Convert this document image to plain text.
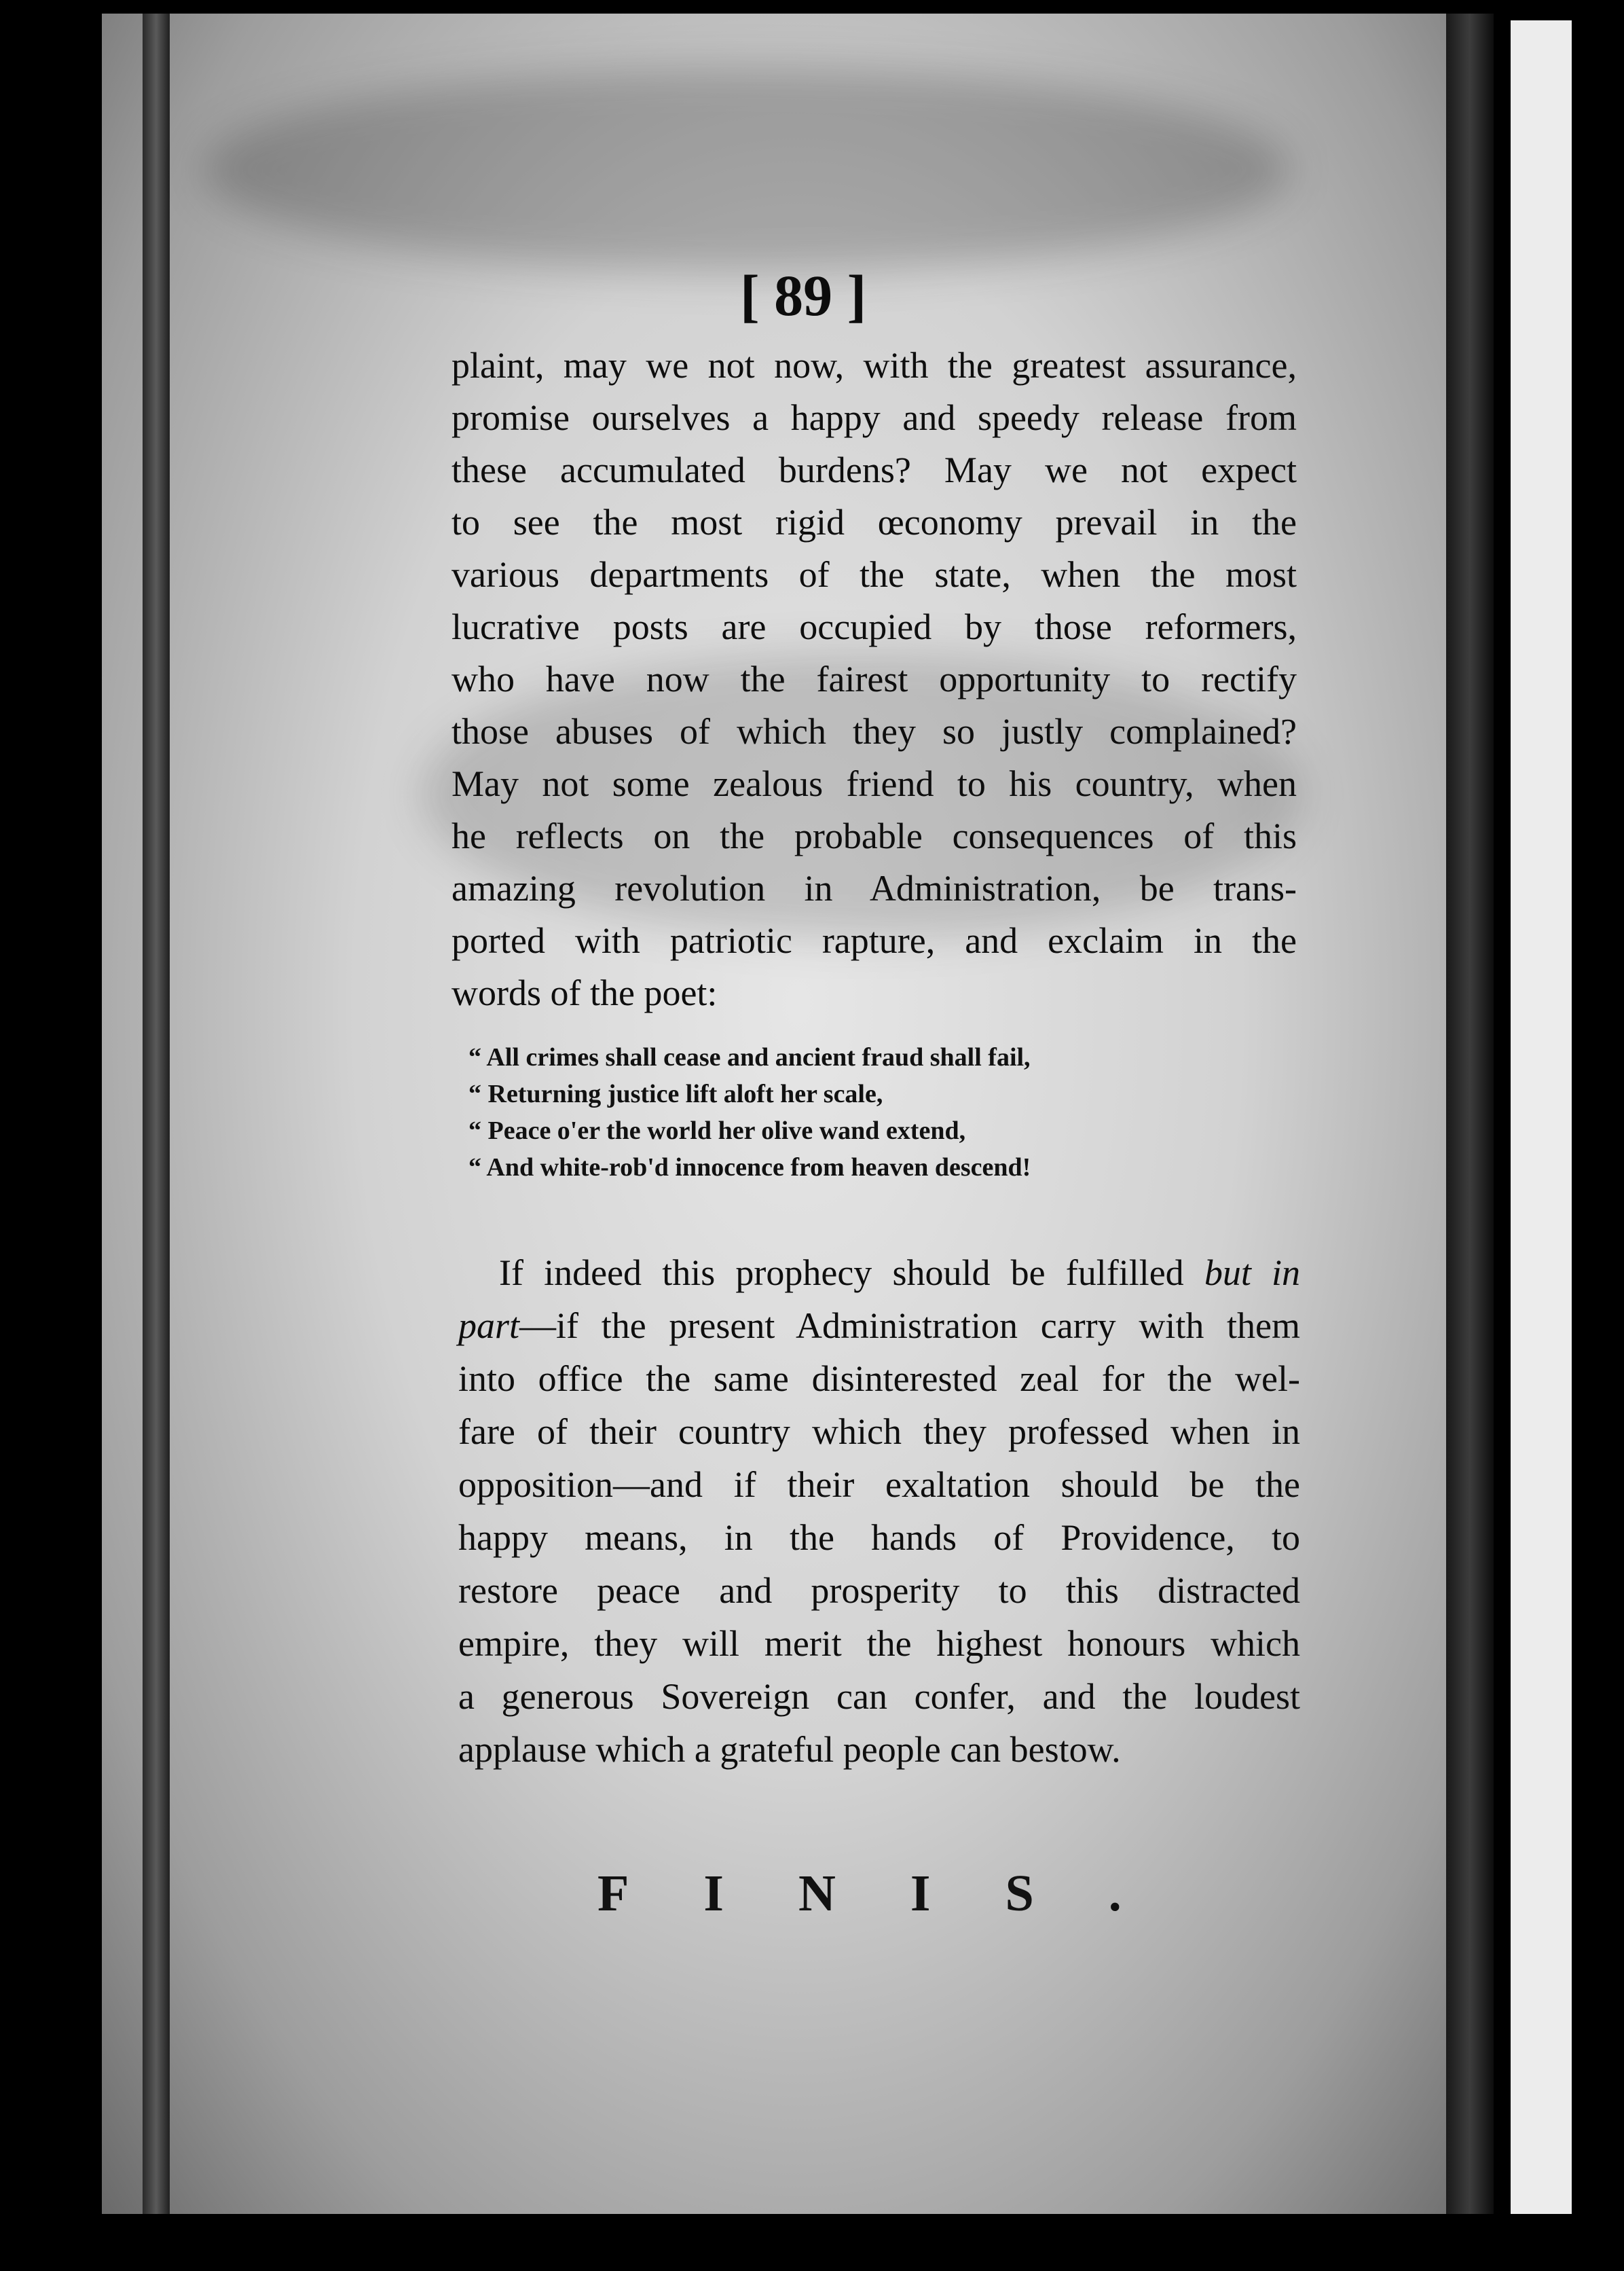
[ 89 ]
plaint, may we not now, with the greatest assurance,
promise ourselves a happy and speedy release from
these accumulated burdens? May we not expect
to see the most rigid œconomy prevail in the
various departments of the state, when the most
lucrative posts are occupied by those reformers,
who have now the fairest opportunity to rectify
those abuses of which they so justly complained?
May not some zealous friend to his country, when
he reflects on the probable consequences of this
amazing revolution in Administration, be trans-
ported with patriotic rapture, and exclaim in the
words of the poet:
“ All crimes shall cease and ancient fraud shall fail,
“ Returning justice lift aloft her scale,
“ Peace o'er the world her olive wand extend,
“ And white-rob'd innocence from heaven descend!
If indeed this prophecy should be fulfilled but in
part—if the present Administration carry with them
into office the same disinterested zeal for the wel-
fare of their country which they professed when in
opposition—and if their exaltation should be the
happy means, in the hands of Providence, to
restore peace and prosperity to this distracted
empire, they will merit the highest honours which
a generous Sovereign can confer, and the loudest
applause which a grateful people can bestow.
FINIS.
